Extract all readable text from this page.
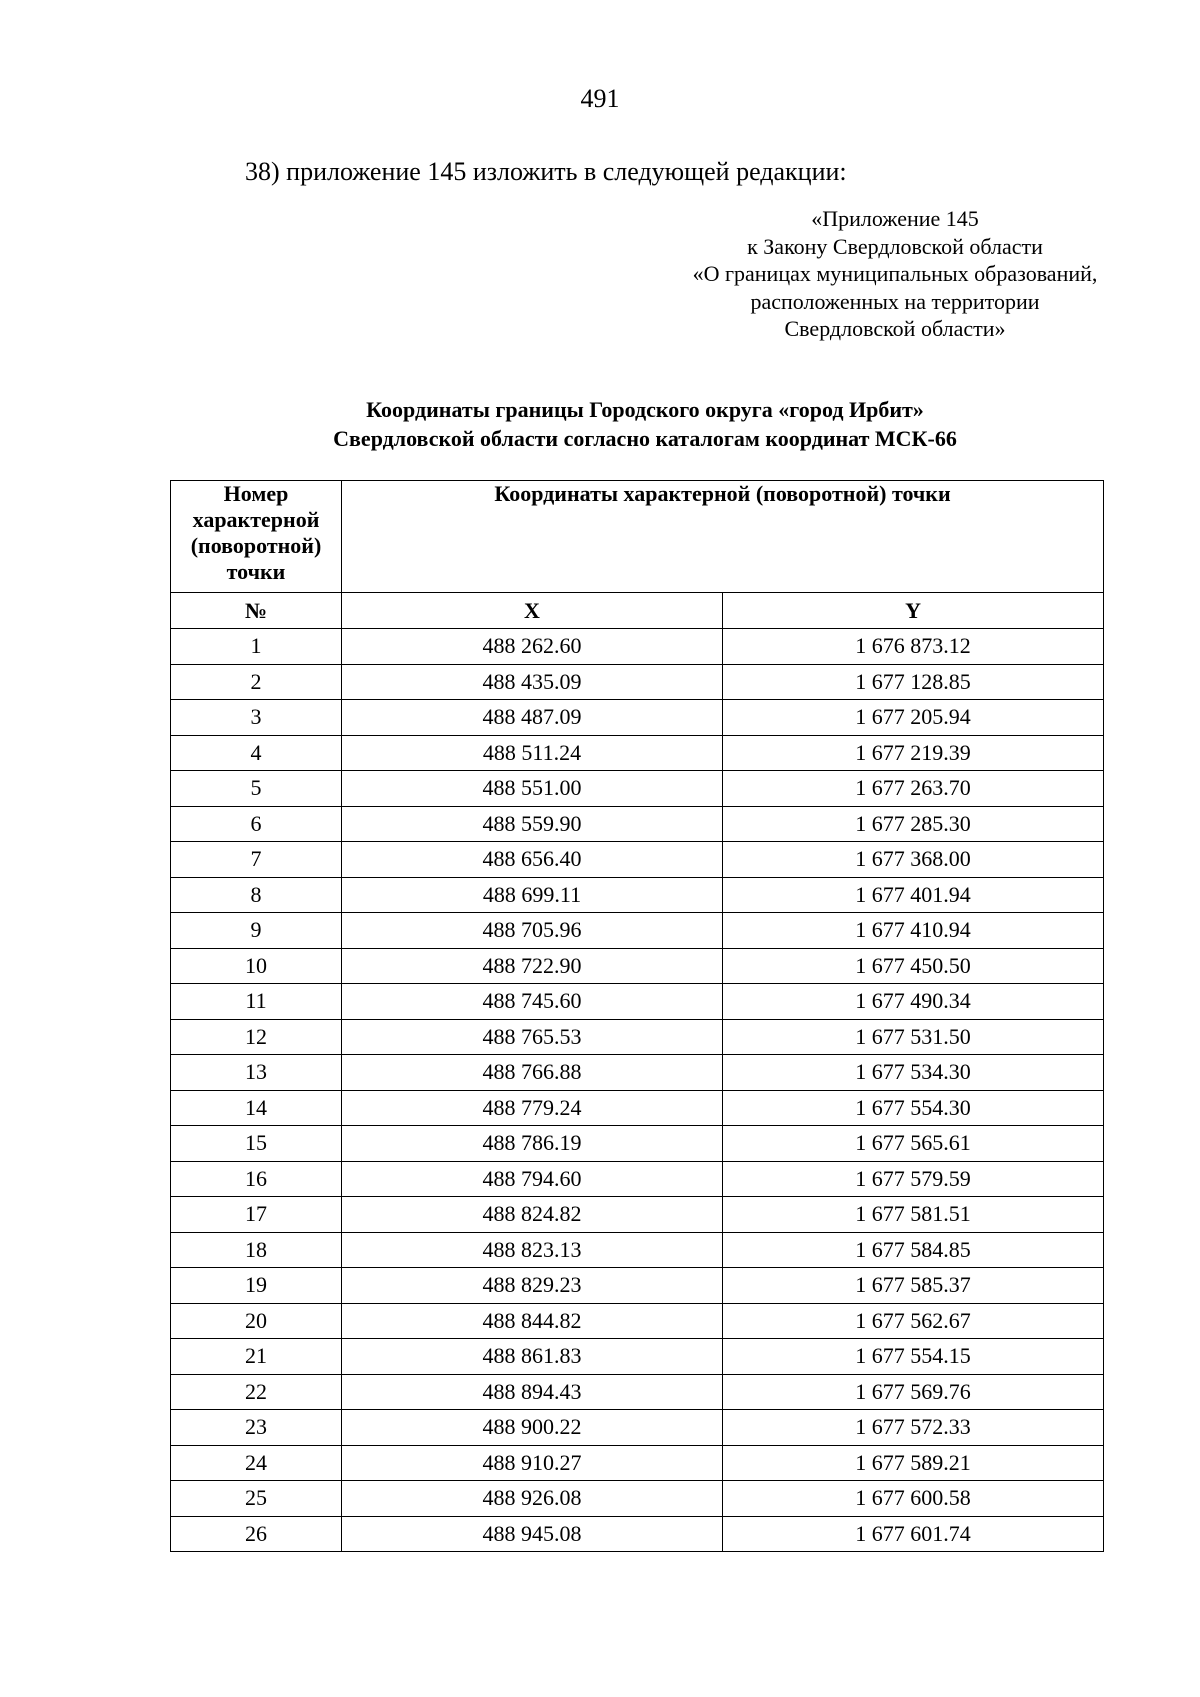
491
38) приложение 145 изложить в следующей редакции:
«Приложение 145
к Закону Свердловской области
«О границах муниципальных образований,
расположенных на территории
Свердловской области»
Координаты границы Городского округа «город Ирбит»
Свердловской области согласно каталогам координат МСК-66
Номер
характерной
(поворотной)
точки	Координаты характерной (поворотной) точки	
№	X	Y
1	488 262.60	1 676 873.12
2	488 435.09	1 677 128.85
3	488 487.09	1 677 205.94
4	488 511.24	1 677 219.39
5	488 551.00	1 677 263.70
6	488 559.90	1 677 285.30
7	488 656.40	1 677 368.00
8	488 699.11	1 677 401.94
9	488 705.96	1 677 410.94
10	488 722.90	1 677 450.50
11	488 745.60	1 677 490.34
12	488 765.53	1 677 531.50
13	488 766.88	1 677 534.30
14	488 779.24	1 677 554.30
15	488 786.19	1 677 565.61
16	488 794.60	1 677 579.59
17	488 824.82	1 677 581.51
18	488 823.13	1 677 584.85
19	488 829.23	1 677 585.37
20	488 844.82	1 677 562.67
21	488 861.83	1 677 554.15
22	488 894.43	1 677 569.76
23	488 900.22	1 677 572.33
24	488 910.27	1 677 589.21
25	488 926.08	1 677 600.58
26	488 945.08	1 677 601.74
